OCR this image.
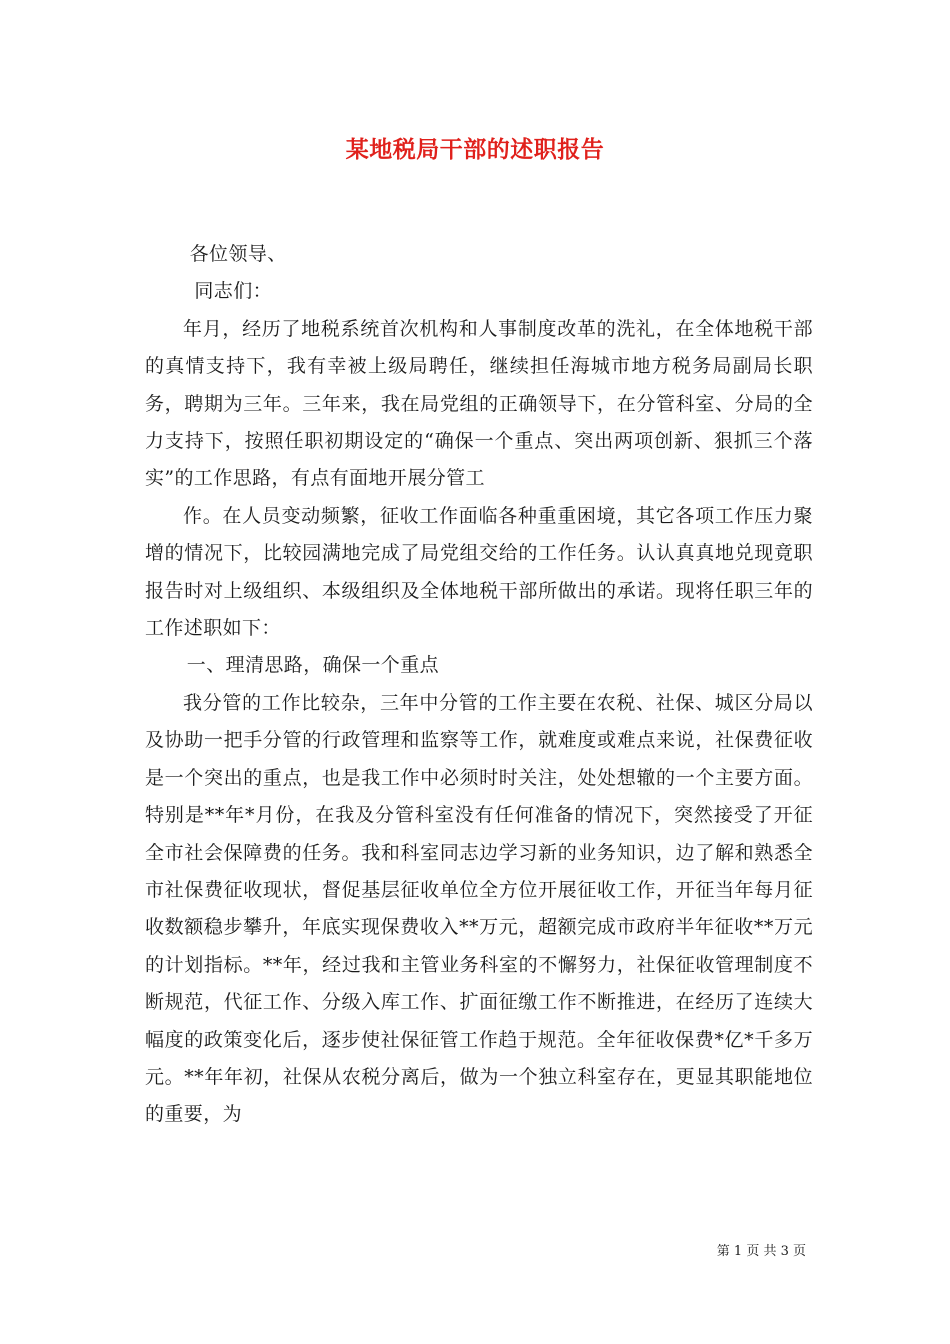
某地税局干部的述职报告

各位领导、

同志们：

年月，经历了地税系统首次机构和人事制度改革的洗礼，在全体地税干部的真情支持下，我有幸被上级局聘任，继续担任海城市地方税务局副局长职务，聘期为三年。三年来，我在局党组的正确领导下，在分管科室、分局的全力支持下，按照任职初期设定的“确保一个重点、突出两项创新、狠抓三个落实”的工作思路，有点有面地开展分管工

作。在人员变动频繁，征收工作面临各种重重困境，其它各项工作压力聚增的情况下，比较园满地完成了局党组交给的工作任务。认认真真地兑现竟职报告时对上级组织、本级组织及全体地税干部所做出的承诺。现将任职三年的工作述职如下：

一、理清思路，确保一个重点

我分管的工作比较杂，三年中分管的工作主要在农税、社保、城区分局以及协助一把手分管的行政管理和监察等工作，就难度或难点来说，社保费征收是一个突出的重点，也是我工作中必须时时关注，处处想辙的一个主要方面。特别是**年*月份，在我及分管科室没有任何准备的情况下，突然接受了开征全市社会保障费的任务。我和科室同志边学习新的业务知识，边了解和熟悉全市社保费征收现状，督促基层征收单位全方位开展征收工作，开征当年每月征收数额稳步攀升，年底实现保费收入**万元，超额完成市政府半年征收**万元的计划指标。**年，经过我和主管业务科室的不懈努力，社保征收管理制度不断规范，代征工作、分级入库工作、扩面征缴工作不断推进，在经历了连续大幅度的政策变化后，逐步使社保征管工作趋于规范。全年征收保费*亿*千多万元。**年年初，社保从农税分离后，做为一个独立科室存在，更显其职能地位的重要，为

第 1 页 共 3 页
